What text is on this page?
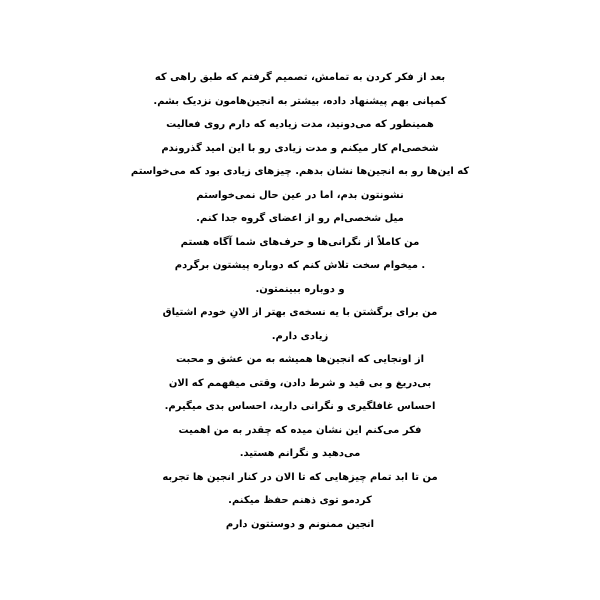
بعد از فکر کردن به تمامش، تصمیم گرفتم که طبق راهی که
کمپانی بهم پیشنهاد داده، بیشتر به انجین‌هامون نزدیک بشم.
همینطور که می‌دونید، مدت زیادیه که دارم روی فعالیت
شخصی‌ام کار میکنم و مدت زیادی رو با این امید گذروندم
که این‌ها رو به انجین‌ها نشان بدهم. چیزهای زیادی بود که می‌خواستم
نشونتون بدم، اما در عین حال نمی‌خواستم
میل شخصی‌ام رو از اعضای گروه جدا کنم.
من کاملاً از نگرانی‌ها و حرف‌های شما آگاه هستم
. میخوام سخت تلاش کنم که دوباره پیشتون برگردم
و دوباره ببینمتون.
من برای برگشتن با یه نسخه‌ی بهتر از الانِ خودم اشتیاق
زیادی دارم.
از اونجایی که انجین‌ها همیشه به من عشق و محبت
بی‌دریغ و بی قید و شرط دادن، وقتی میفهمم که الان
احساس غافلگیری و نگرانی دارید، احساس بدی میگیرم.
فکر می‌کنم این نشان میده که چقدر به من اهمیت
می‌دهید و نگرانم هستید.
من تا ابد تمام چیزهایی که تا الان در کنار انجین ها تجربه
کردمو توی ذهنم حفظ میکنم.
انجین ممنونم و دوستتون دارم
